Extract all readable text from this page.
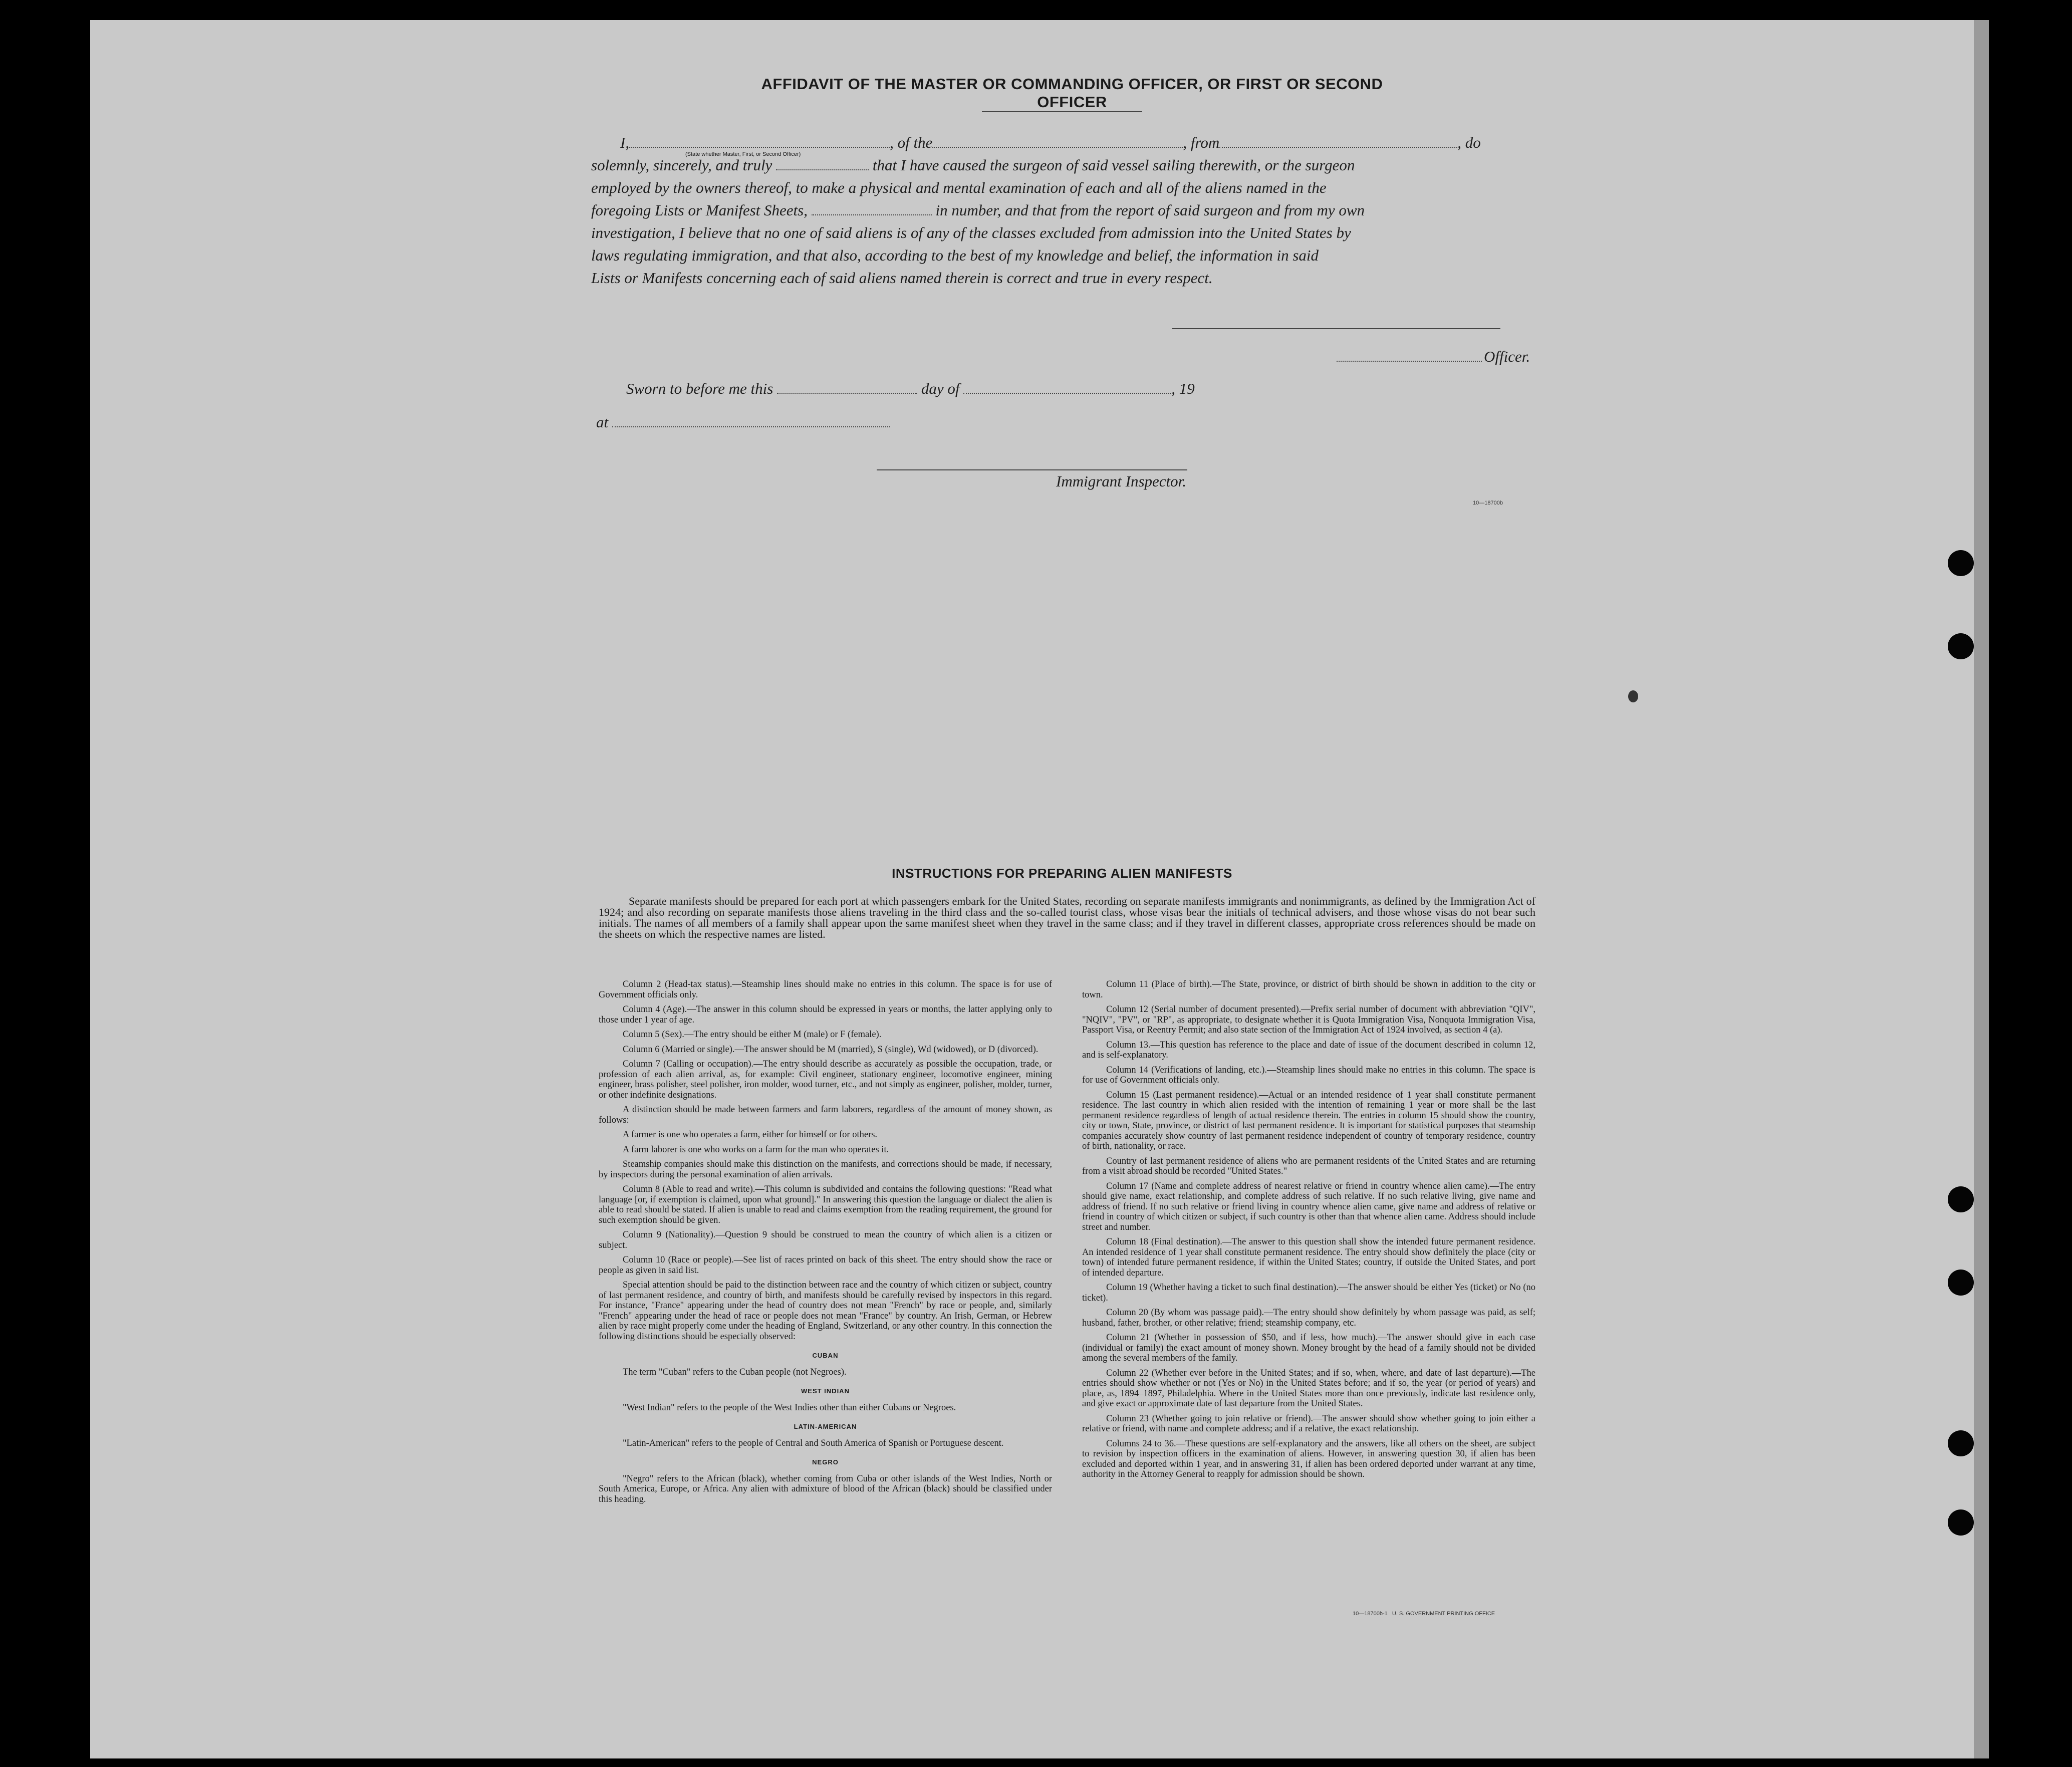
AFFIDAVIT OF THE MASTER OR COMMANDING OFFICER, OR FIRST OR SECOND OFFICER
I,	, of the	, from	, do
(State whether Master, First, or Second Officer)
solemnly, sincerely, and truly	that I have caused the surgeon of said vessel sailing therewith, or the surgeon
employed by the owners thereof, to make a physical and mental examination of each and all of the aliens named in the
foregoing Lists or Manifest Sheets,	in number, and that from the report of said surgeon and from my own
investigation, I believe that no one of said aliens is of any of the classes excluded from admission into the United States by
laws regulating immigration, and that also, according to the best of my knowledge and belief, the information in said
Lists or Manifests concerning each of said aliens named therein is correct and true in every respect.
Officer.
Sworn to before me this	day of	, 19
at
Immigrant Inspector.
10—18700b
INSTRUCTIONS FOR PREPARING ALIEN MANIFESTS
Separate manifests should be prepared for each port at which passengers embark for the United States, recording on separate manifests immigrants and nonimmigrants, as defined by the Immigration Act of 1924; and also recording on separate manifests those aliens traveling in the third class and the so-called tourist class, whose visas bear the initials of technical advisers, and those whose visas do not bear such initials. The names of all members of a family shall appear upon the same manifest sheet when they travel in the same class; and if they travel in different classes, appropriate cross references should be made on the sheets on which the respective names are listed.

Column 2 (Head-tax status).—Steamship lines should make no entries in this column. The space is for use of Government officials only.

Column 4 (Age).—The answer in this column should be expressed in years or months, the latter applying only to those under 1 year of age.

Column 5 (Sex).—The entry should be either M (male) or F (female).

Column 6 (Married or single).—The answer should be M (married), S (single), Wd (widowed), or D (divorced).

Column 7 (Calling or occupation).—The entry should describe as accurately as possible the occupation, trade, or profession of each alien arrival, as, for example: Civil engineer, stationary engineer, locomotive engineer, mining engineer, brass polisher, steel polisher, iron molder, wood turner, etc., and not simply as engineer, polisher, molder, turner, or other indefinite designations.

A distinction should be made between farmers and farm laborers, regardless of the amount of money shown, as follows:

A farmer is one who operates a farm, either for himself or for others.

A farm laborer is one who works on a farm for the man who operates it.

Steamship companies should make this distinction on the manifests, and corrections should be made, if necessary, by inspectors during the personal examination of alien arrivals.

Column 8 (Able to read and write).—This column is subdivided and contains the following questions: "Read what language [or, if exemption is claimed, upon what ground]." In answering this question the language or dialect the alien is able to read should be stated. If alien is unable to read and claims exemption from the reading requirement, the ground for such exemption should be given.

Column 9 (Nationality).—Question 9 should be construed to mean the country of which alien is a citizen or subject.

Column 10 (Race or people).—See list of races printed on back of this sheet. The entry should show the race or people as given in said list.

Special attention should be paid to the distinction between race and the country of which citizen or subject, country of last permanent residence, and country of birth, and manifests should be carefully revised by inspectors in this regard. For instance, "France" appearing under the head of country does not mean "French" by race or people, and, similarly "French" appearing under the head of race or people does not mean "France" by country. An Irish, German, or Hebrew alien by race might properly come under the heading of England, Switzerland, or any other country. In this connection the following distinctions should be especially observed:

CUBAN

The term "Cuban" refers to the Cuban people (not Negroes).

WEST INDIAN

"West Indian" refers to the people of the West Indies other than either Cubans or Negroes.

LATIN-AMERICAN

"Latin-American" refers to the people of Central and South America of Spanish or Portuguese descent.

NEGRO

"Negro" refers to the African (black), whether coming from Cuba or other islands of the West Indies, North or South America, Europe, or Africa. Any alien with admixture of blood of the African (black) should be classified under this heading.

Column 11 (Place of birth).—The State, province, or district of birth should be shown in addition to the city or town.

Column 12 (Serial number of document presented).—Prefix serial number of document with abbreviation "QIV", "NQIV", "PV", or "RP", as appropriate, to designate whether it is Quota Immigration Visa, Nonquota Immigration Visa, Passport Visa, or Reentry Permit; and also state section of the Immigration Act of 1924 involved, as section 4 (a).

Column 13.—This question has reference to the place and date of issue of the document described in column 12, and is self-explanatory.

Column 14 (Verifications of landing, etc.).—Steamship lines should make no entries in this column. The space is for use of Government officials only.

Column 15 (Last permanent residence).—Actual or an intended residence of 1 year shall constitute permanent residence. The last country in which alien resided with the intention of remaining 1 year or more shall be the last permanent residence regardless of length of actual residence therein. The entries in column 15 should show the country, city or town, State, province, or district of last permanent residence. It is important for statistical purposes that steamship companies accurately show country of last permanent residence independent of country of temporary residence, country of birth, nationality, or race.

Country of last permanent residence of aliens who are permanent residents of the United States and are returning from a visit abroad should be recorded "United States."

Column 17 (Name and complete address of nearest relative or friend in country whence alien came).—The entry should give name, exact relationship, and complete address of such relative. If no such relative living, give name and address of friend. If no such relative or friend living in country whence alien came, give name and address of relative or friend in country of which citizen or subject, if such country is other than that whence alien came. Address should include street and number.

Column 18 (Final destination).—The answer to this question shall show the intended future permanent residence. An intended residence of 1 year shall constitute permanent residence. The entry should show definitely the place (city or town) of intended future permanent residence, if within the United States; country, if outside the United States, and port of intended departure.

Column 19 (Whether having a ticket to such final destination).—The answer should be either Yes (ticket) or No (no ticket).

Column 20 (By whom was passage paid).—The entry should show definitely by whom passage was paid, as self; husband, father, brother, or other relative; friend; steamship company, etc.

Column 21 (Whether in possession of $50, and if less, how much).—The answer should give in each case (individual or family) the exact amount of money shown. Money brought by the head of a family should not be divided among the several members of the family.

Column 22 (Whether ever before in the United States; and if so, when, where, and date of last departure).—The entries should show whether or not (Yes or No) in the United States before; and if so, the year (or period of years) and place, as, 1894–1897, Philadelphia. Where in the United States more than once previously, indicate last residence only, and give exact or approximate date of last departure from the United States.

Column 23 (Whether going to join relative or friend).—The answer should show whether going to join either a relative or friend, with name and complete address; and if a relative, the exact relationship.

Columns 24 to 36.—These questions are self-explanatory and the answers, like all others on the sheet, are subject to revision by inspection officers in the examination of aliens. However, in answering question 30, if alien has been excluded and deported within 1 year, and in answering 31, if alien has been ordered deported under warrant at any time, authority in the Attorney General to reapply for admission should be shown.

10—18700b-1 U. S. GOVERNMENT PRINTING OFFICE
